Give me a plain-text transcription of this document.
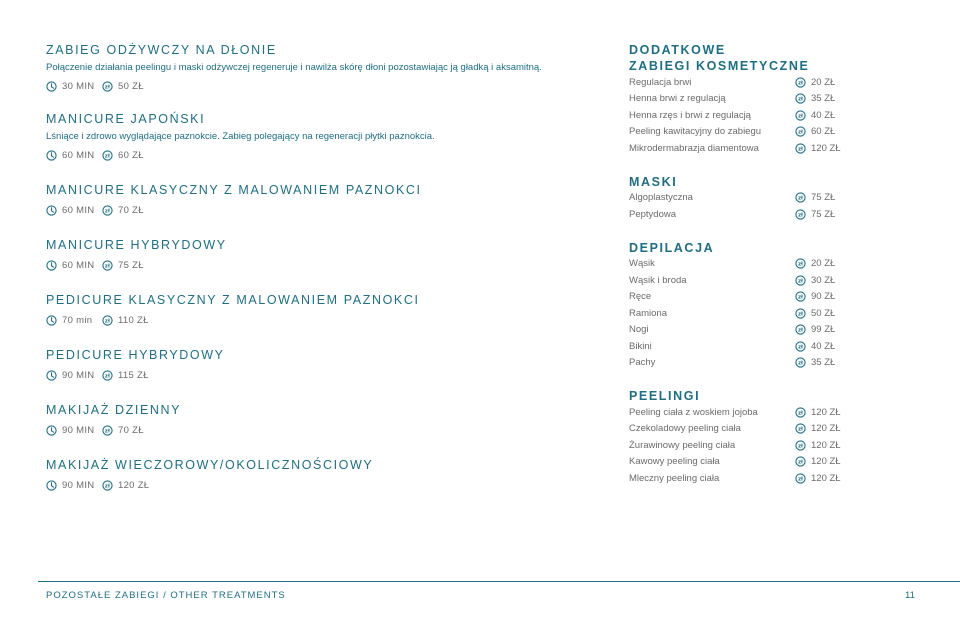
ZABIEG ODŻYWCZY NA DŁONIE
Połączenie działania peelingu i maski odżywczej regeneruje i nawilża skórę dłoni pozostawiając ją gładką i aksamitną.
30 MIN zł 50 ZŁ
MANICURE JAPOŃSKI
Lśniące i zdrowo wyglądające paznokcie. Zabieg polegający na regeneracji płytki paznokcia.
60 MIN zł 60 ZŁ
MANICURE KLASYCZNY Z MALOWANIEM PAZNOKCI
60 MIN zł 70 ZŁ
MANICURE HYBRYDOWY
60 MIN zł 75 ZŁ
PEDICURE KLASYCZNY Z MALOWANIEM PAZNOKCI
70 min zł 110 ZŁ
PEDICURE HYBRYDOWY
90 MIN zł 115 ZŁ
MAKIJAŻ DZIENNY
90 MIN zł 70 ZŁ
MAKIJAŻ WIECZOROWY/OKOLICZNOŚCIOWY
90 MIN zł 120 ZŁ
DODATKOWE
ZABIEGI KOSMETYCZNE
Regulacja brwi	zł 20 ZŁ
Henna brwi z regulacją	zł 35 ZŁ
Henna rzęs i brwi z regulacją	zł 40 ZŁ
Peeling kawitacyjny do zabiegu	zł 60 ZŁ
Mikrodermabrazja diamentowa	zł 120 ZŁ
MASKI
Algoplastyczna	zł 75 ZŁ
Peptydowa	zł 75 ZŁ
DEPILACJA
Wąsik	zł 20 ZŁ
Wąsik i broda	zł 30 ZŁ
Ręce	zł 90 ZŁ
Ramiona	zł 50 ZŁ
Nogi	zł 99 ZŁ
Bikini	zł 40 ZŁ
Pachy	zł 35 ZŁ
PEELINGI
Peeling ciała z woskiem jojoba	zł 120 ZŁ
Czekoladowy peeling ciała	zł 120 ZŁ
Żurawinowy peeling ciała	zł 120 ZŁ
Kawowy peeling ciała	zł 120 ZŁ
Mleczny peeling ciała	zł 120 ZŁ
POZOSTAŁE ZABIEGI / OTHER TREATMENTS	11
